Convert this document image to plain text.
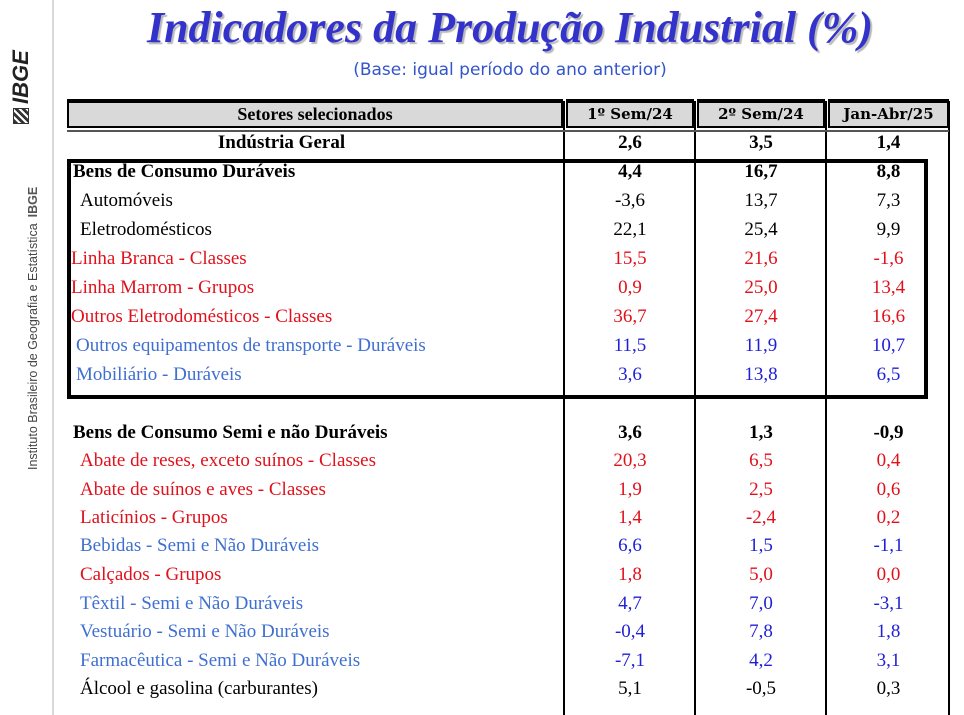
IBGE
Instituto Brasileiro de Geografia e EstatísticaIBGE
Indicadores da Produção Industrial (%)
(Base: igual período do ano anterior)
Setores selecionados	1º Sem/24	2º Sem/24	Jan-Abr/25
Indústria Geral	2,6	3,5	1,4
Bens de Consumo Duráveis	4,4	16,7	8,8
Automóveis	-3,6	13,7	7,3
Eletrodomésticos	22,1	25,4	9,9
Linha Branca - Classes	15,5	21,6	-1,6
Linha Marrom - Grupos	0,9	25,0	13,4
Outros Eletrodomésticos - Classes	36,7	27,4	16,6
Outros equipamentos de transporte - Duráveis	11,5	11,9	10,7
Mobiliário - Duráveis	3,6	13,8	6,5
Bens de Consumo Semi e não Duráveis	3,6	1,3	-0,9
Abate de reses, exceto suínos - Classes	20,3	6,5	0,4
Abate de suínos e aves - Classes	1,9	2,5	0,6
Laticínios - Grupos	1,4	-2,4	0,2
Bebidas - Semi e Não Duráveis	6,6	1,5	-1,1
Calçados - Grupos	1,8	5,0	0,0
Têxtil - Semi e Não Duráveis	4,7	7,0	-3,1
Vestuário - Semi e Não Duráveis	-0,4	7,8	1,8
Farmacêutica - Semi e Não Duráveis	-7,1	4,2	3,1
Álcool e gasolina (carburantes)	5,1	-0,5	0,3
